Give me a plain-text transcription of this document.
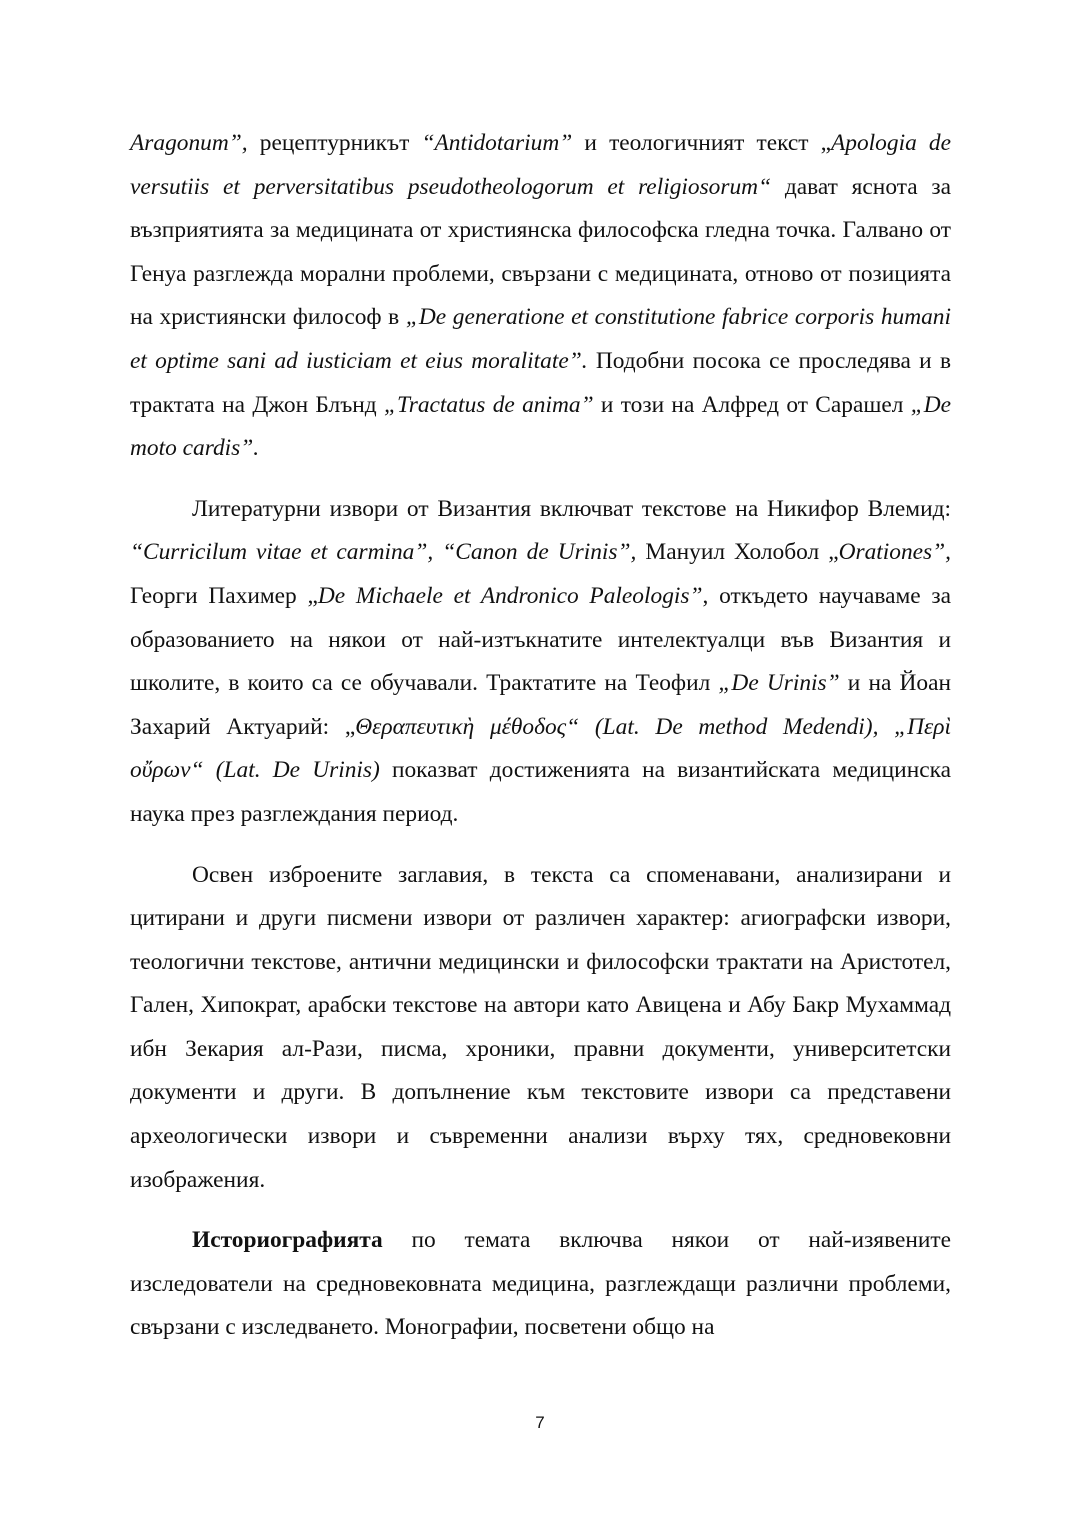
Aragonum”, рецептурникът “Antidotarium” и теологичният текст „Apologia de versutiis et perversitatibus pseudotheologorum et religiosorum“ дават яснота за възприятията за медицината от християнска философска гледна точка. Галвано от Генуа разглежда морални проблеми, свързани с медицината, отново от позицията на християнски философ в „De generatione et constitutione fabrice corporis humani et optime sani ad iusticiam et eius moralitate”. Подобни посока се проследява и в трактата на Джон Блънд „Tractatus de anima” и този на Алфред от Сарашел „De moto cardis”.

Литературни извори от Византия включват текстове на Никифор Влемид: “Curricilum vitae et carmina”, “Canon de Urinis”, Мануил Холобол „Orationes”, Георги Пахимер „De Michaele et Andronico Paleologis”, откъдето научаваме за образованието на някои от най-изтъкнатите интелектуалци във Византия и школите, в които са се обучавали. Трактатите на Теофил „De Urinis” и на Йоан Захарий Актуарий: „Θεραπευτικὴ μέθοδος“ (Lat. De method Medendi), „Περὶ οὔρων“ (Lat. De Urinis) показват достиженията на византийската медицинска наука през разглеждания период.

Освен изброените заглавия, в текста са споменавани, анализирани и цитирани и други писмени извори от различен характер: агиографски извори, теологични текстове, антични медицински и философски трактати на Аристотел, Гален, Хипократ, арабски текстове на автори като Авицена и Абу Бакр Мухаммад ибн Зекария ал-Рази, писма, хроники, правни документи, университетски документи и други. В допълнение към текстовите извори са представени археологически извори и съвременни анализи върху тях, средновековни изображения.

Историографията по темата включва някои от най-изявените изследователи на средновековната медицина, разглеждащи различни проблеми, свързани с изследването. Монографии, посветени общо на

7
